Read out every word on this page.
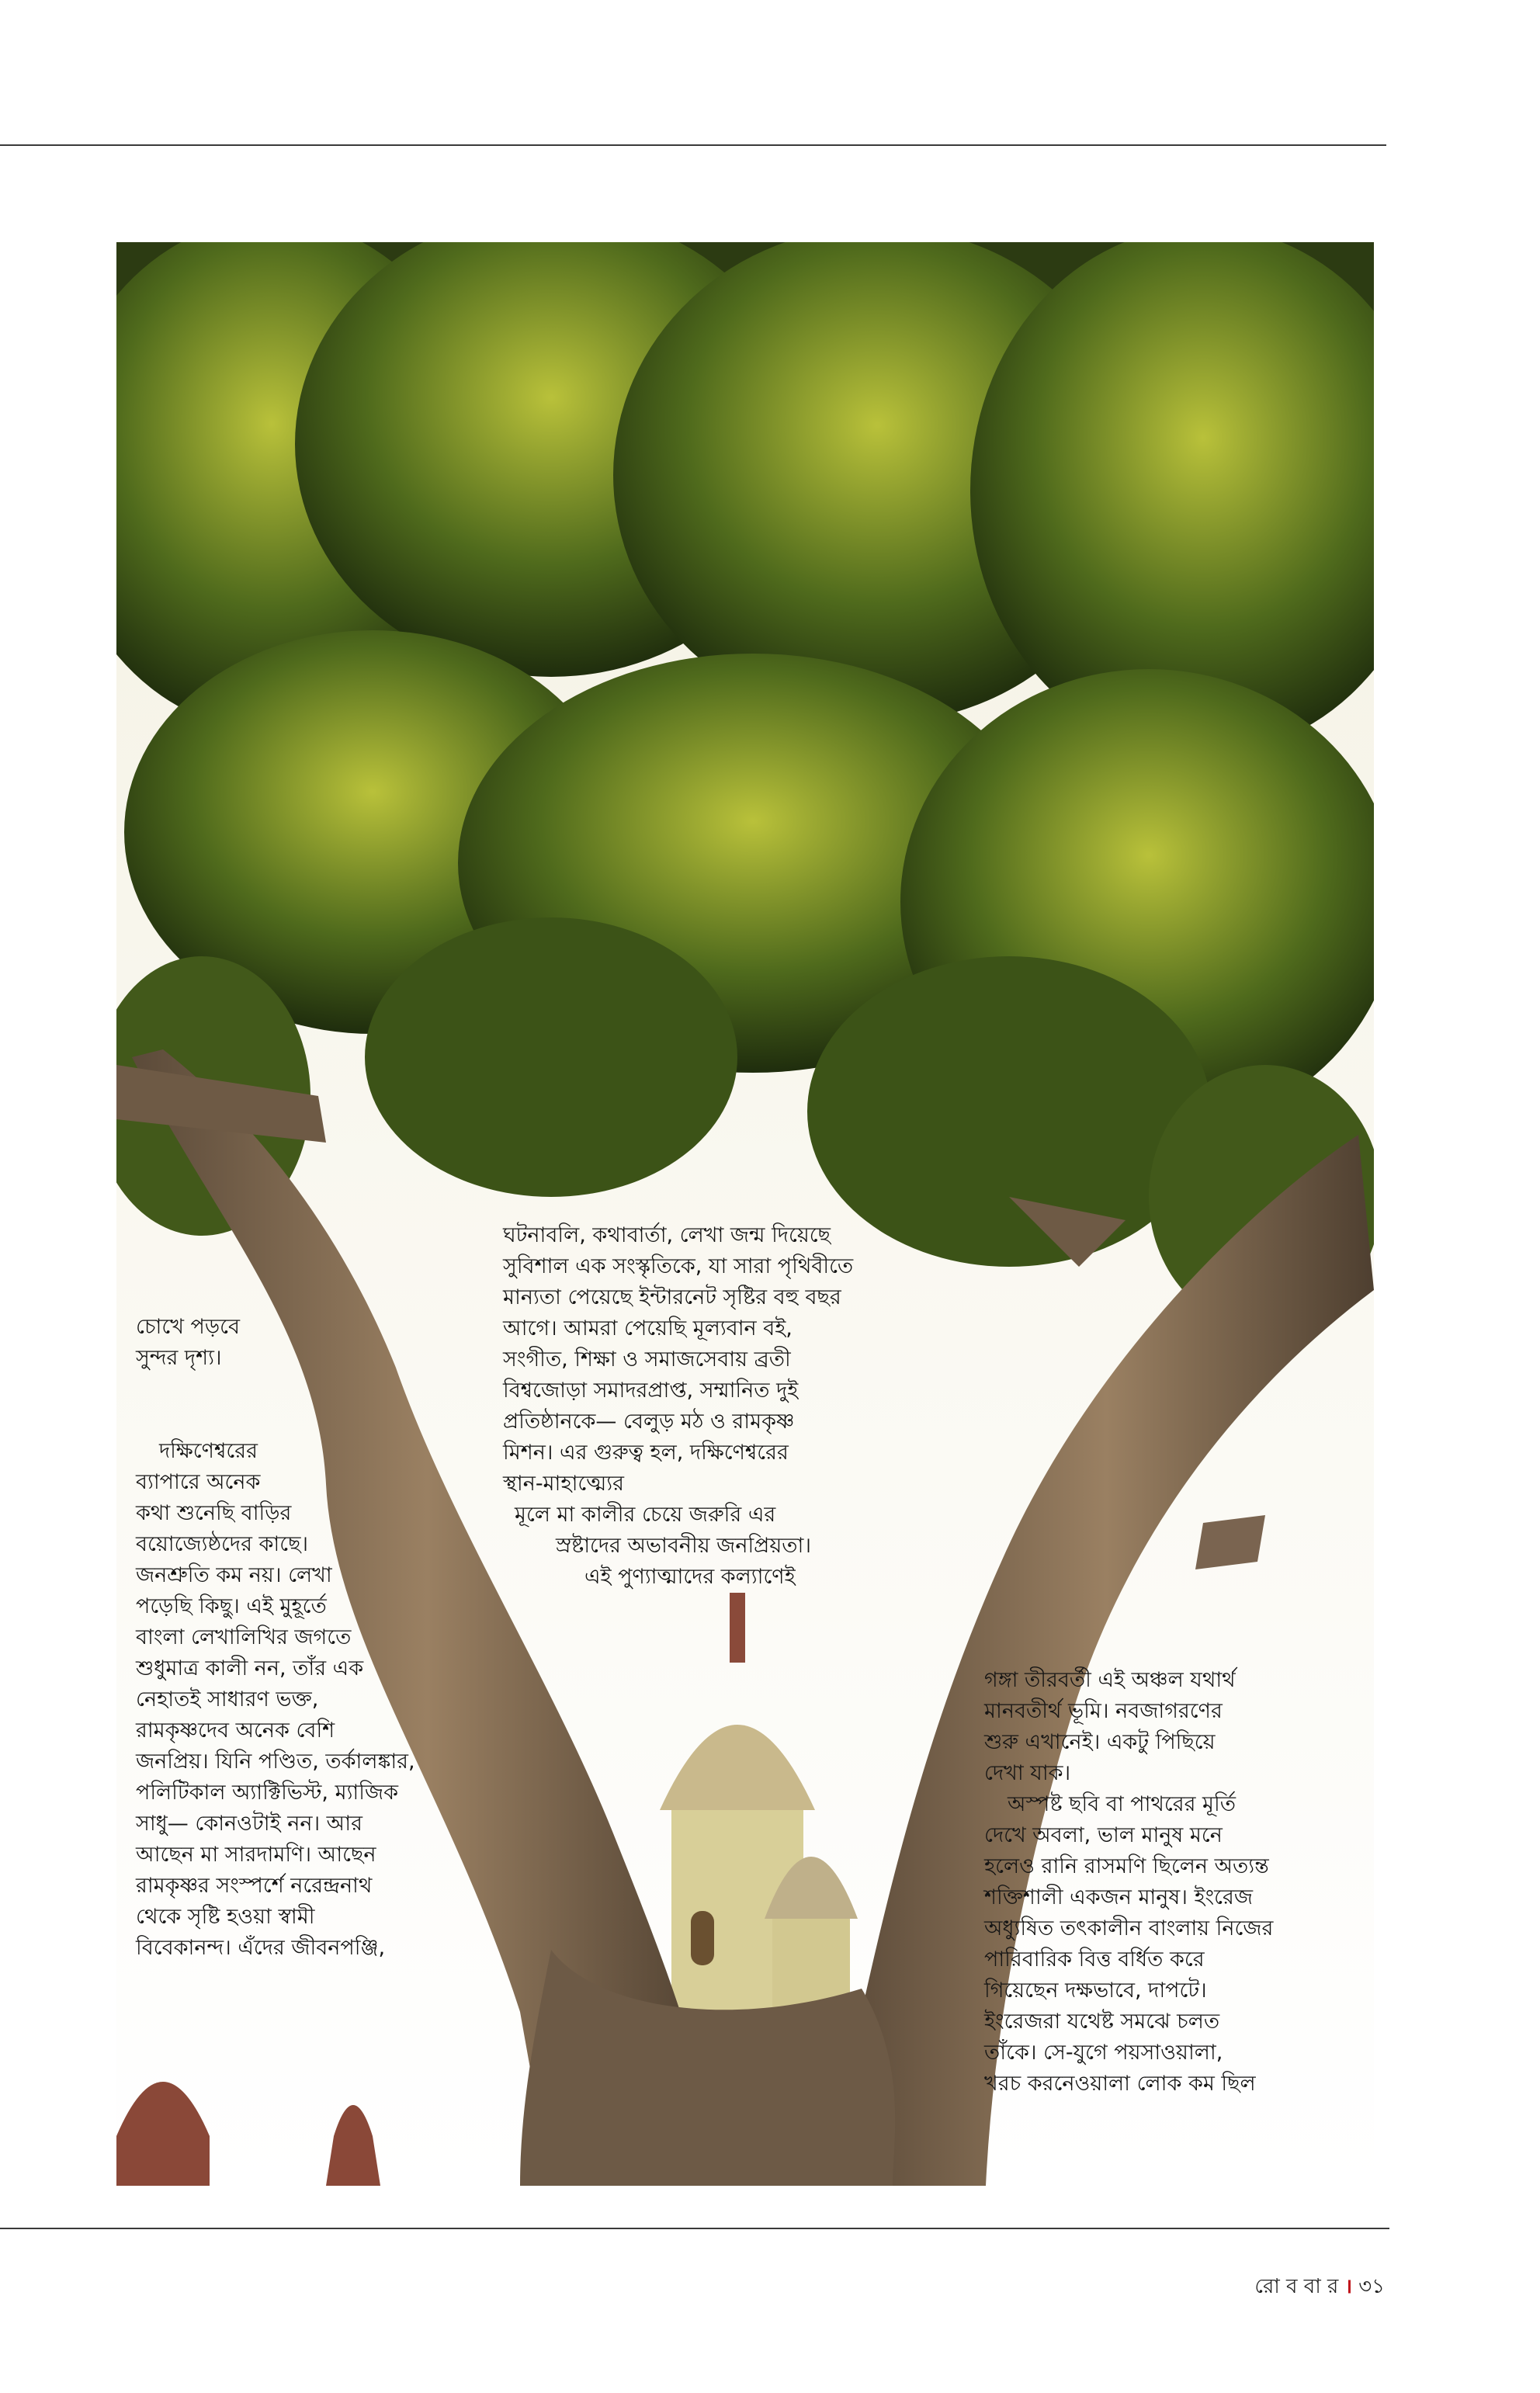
চোখে পড়বে

সুন্দর দৃশ্য।

দক্ষিণেশ্বরের

ব্যাপারে অনেক

কথা শুনেছি বাড়ির

বয়োজ্যেষ্ঠদের কাছে।

জনশ্রুতি কম নয়। লেখা

পড়েছি কিছু। এই মুহূর্তে

বাংলা লেখালিখির জগতে

শুধুমাত্র কালী নন, তাঁর এক

নেহাতই সাধারণ ভক্ত,

রামকৃষ্ণদেব অনেক বেশি

জনপ্রিয়। যিনি পণ্ডিত, তর্কালঙ্কার,

পলিটিকাল অ্যাক্টিভিস্ট, ম্যাজিক

সাধু— কোনওটাই নন। আর

আছেন মা সারদামণি। আছেন

রামকৃষ্ণর সংস্পর্শে নরেন্দ্রনাথ

থেকে সৃষ্টি হওয়া স্বামী

বিবেকানন্দ। এঁদের জীবনপঞ্জি,

ঘটনাবলি, কথাবার্তা, লেখা জন্ম দিয়েছে

সুবিশাল এক সংস্কৃতিকে, যা সারা পৃথিবীতে

মান্যতা পেয়েছে ইন্টারনেট সৃষ্টির বহু বছর

আগে। আমরা পেয়েছি মূল্যবান বই,

সংগীত, শিক্ষা ও সমাজসেবায় ব্রতী

বিশ্বজোড়া সমাদরপ্রাপ্ত, সম্মানিত দুই

প্রতিষ্ঠানকে— বেলুড় মঠ ও রামকৃষ্ণ

মিশন। এর গুরুত্ব হল, দক্ষিণেশ্বরের

স্থান-মাহাত্ম্যের

মূলে মা কালীর চেয়ে জরুরি এর

স্রষ্টাদের অভাবনীয় জনপ্রিয়তা।

এই পুণ্যাত্মাদের কল্যাণেই

গঙ্গা তীরবর্তী এই অঞ্চল যথার্থ

মানবতীর্থ ভূমি। নবজাগরণের

শুরু এখানেই। একটু পিছিয়ে

দেখা যাক।

অস্পষ্ট ছবি বা পাথরের মূর্তি

দেখে অবলা, ভাল মানুষ মনে

হলেও রানি রাসমণি ছিলেন অত্যন্ত

শক্তিশালী একজন মানুষ। ইংরেজ

অধ্যুষিত তৎকালীন বাংলায় নিজের

পারিবারিক বিত্ত বর্ধিত করে

গিয়েছেন দক্ষভাবে, দাপটে।

ইংরেজরা যথেষ্ট সমঝে চলত

তাঁকে। সে-যুগে পয়সাওয়ালা,

খরচ করনেওয়ালা লোক কম ছিল

রো ব বা র । ৩১
